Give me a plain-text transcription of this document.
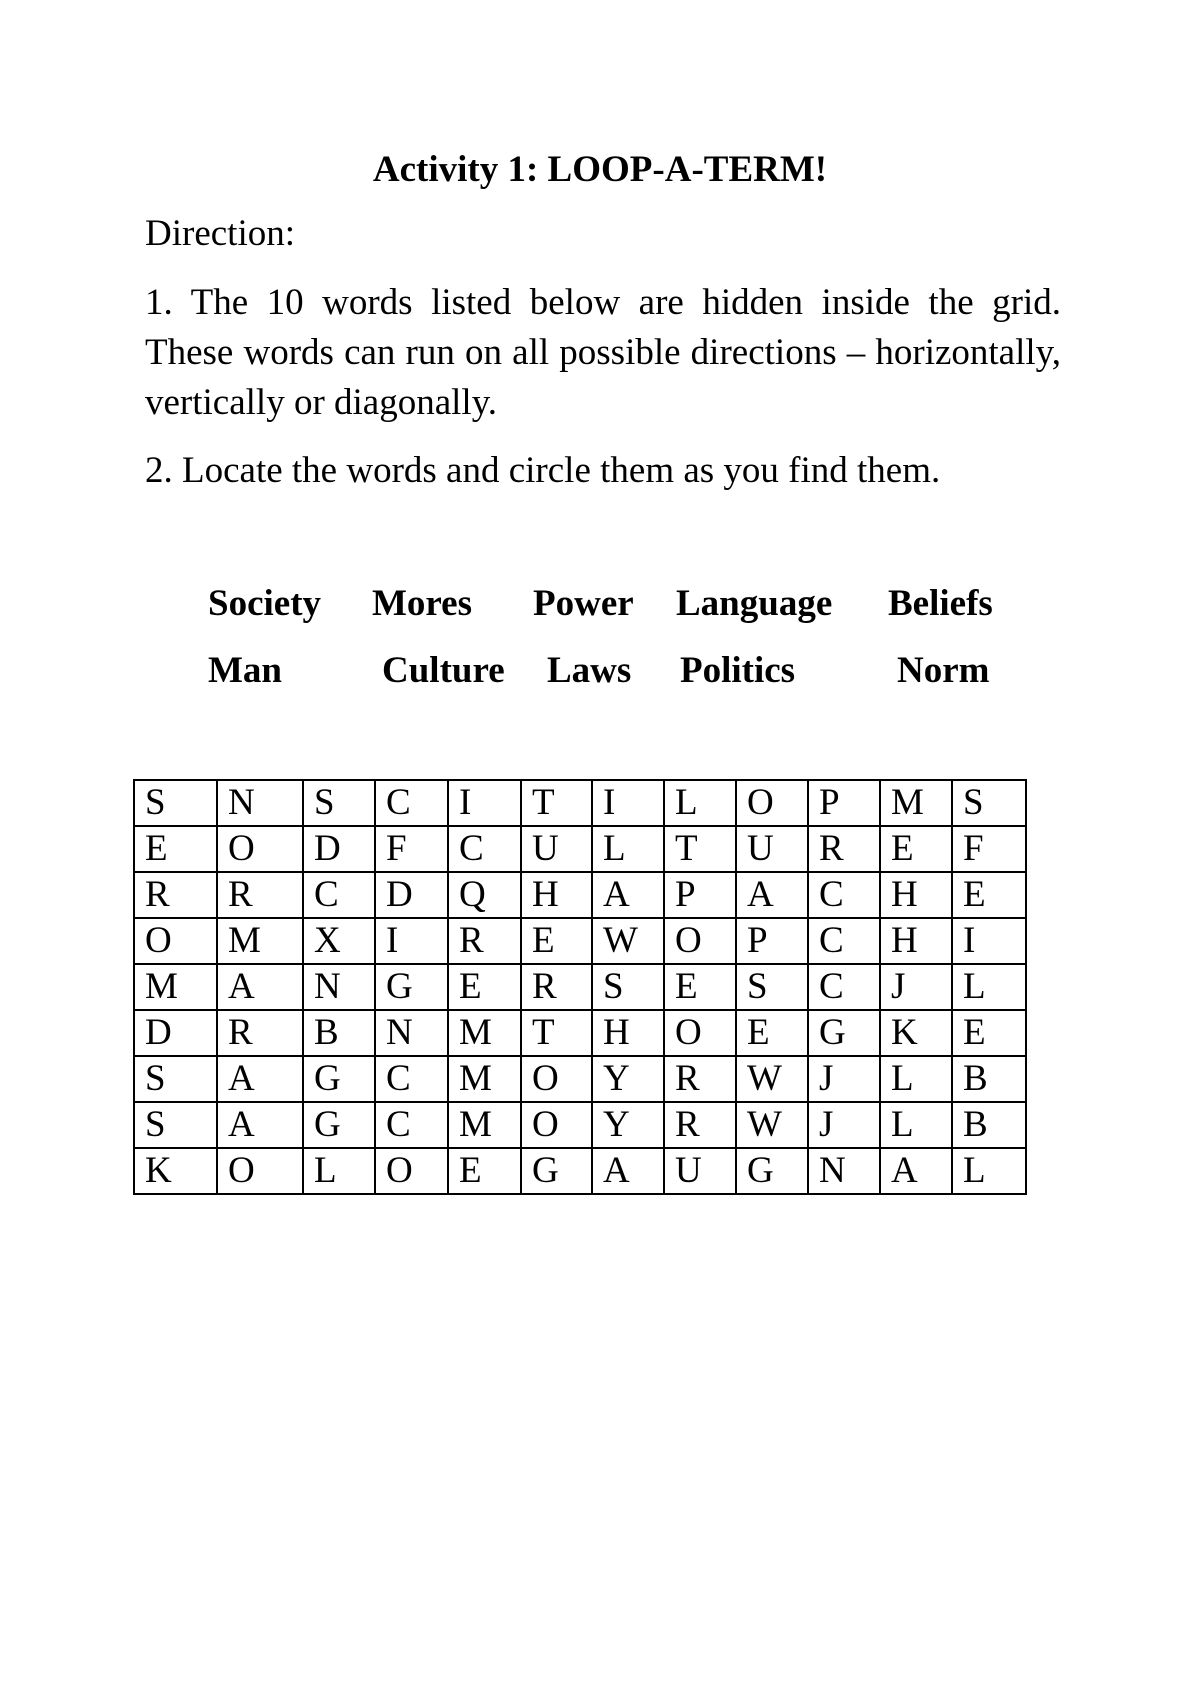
Activity 1: LOOP-A-TERM!
Direction:
1. The 10 words listed below are hidden inside the grid. These words can run on all possible directions – horizontally, vertically or diagonally.
2. Locate the words and circle them as you find them.
Society Mores Power Language Beliefs
Man	Culture Laws Politics	Norm
S	N	S	C	I	T	I	L	O	P	M	S
E	O	D	F	C	U	L	T	U	R	E	F
R	R	C	D	Q	H	A	P	A	C	H	E
O	M	X	I	R	E	W	O	P	C	H	I
M	A	N	G	E	R	S	E	S	C	J	L
D	R	B	N	M	T	H	O	E	G	K	E
S	A	G	C	M	O	Y	R	W	J	L	B
S	A	G	C	M	O	Y	R	W	J	L	B
K	O	L	O	E	G	A	U	G	N	A	L
